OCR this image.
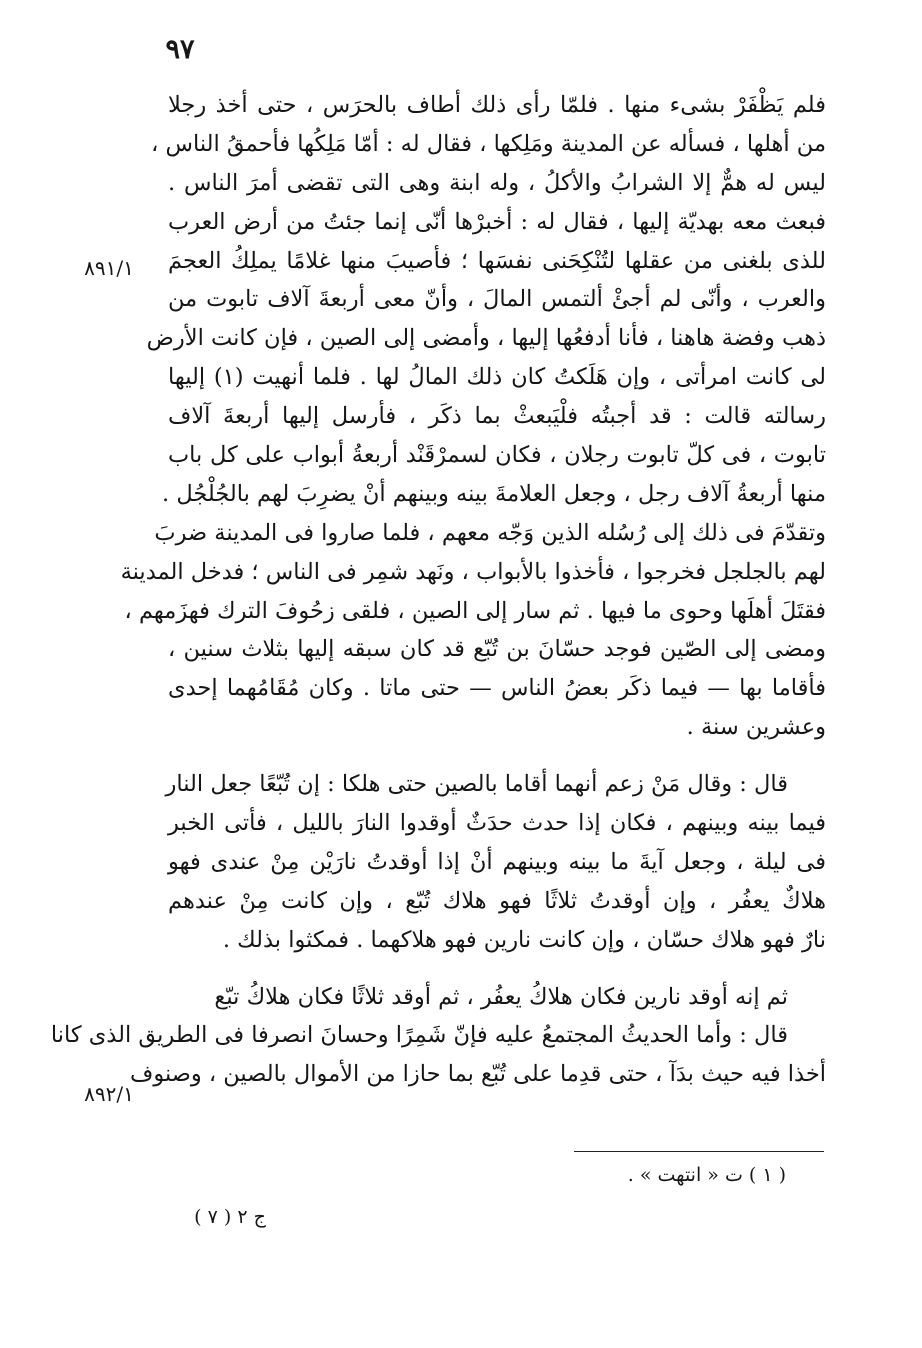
٩٧
فلم يَظْفَرْ بشىء منها . فلمّا رأى ذلك أطاف بالحرَس ، حتى أخذ رجلا
من أهلها ، فسأله عن المدينة ومَلِكها ، فقال له : أمّا مَلِكُها فأحمقُ الناس ،
ليس له همٌّ إلا الشرابُ والأكلُ ، وله ابنة وهى التى تقضى أمرَ الناس .
فبعث معه بهديّة إليها ، فقال له : أخبرْها أنّى إنما جئتُ من أرض العرب
للذى بلغنى من عقلها لتُنْكِحَنى نفسَها ؛ فأصيبَ منها غلامًا يملِكُ العجمَ
والعرب ، وأنّى لم أجئْ ألتمس المالَ ، وأنّ معى أربعةَ آلاف تابوت من
ذهب وفضة هاهنا ، فأنا أدفعُها إليها ، وأمضى إلى الصين ، فإن كانت الأرض
لى كانت امرأتى ، وإن هَلَكتُ كان ذلك المالُ لها . فلما أنهيت (١) إليها
رسالته قالت : قد أجبتُه فلْيَبعثْ بما ذكَر ، فأرسل إليها أربعةَ آلاف
تابوت ، فى كلّ تابوت رجلان ، فكان لسمرْقَنْد أربعةُ أبواب على كل باب
منها أربعةُ آلاف رجل ، وجعل العلامةَ بينه وبينهم أنْ يضرِبَ لهم بالجُلْجُل .
وتقدّمَ فى ذلك إلى رُسُله الذين وَجّه معهم ، فلما صاروا فى المدينة ضربَ
لهم بالجلجل فخرجوا ، فأخذوا بالأبواب ، ونَهد شمِر فى الناس ؛ فدخل المدينة
فقتَلَ أهلَها وحوى ما فيها . ثم سار إلى الصين ، فلقى زحُوفَ الترك فهزَمهم ،
ومضى إلى الصّين فوجد حسّانَ بن تُبّع قد كان سبقه إليها بثلاث سنين ،
فأقاما بها — فيما ذكَر بعضُ الناس — حتى ماتا . وكان مُقَامُهما إحدى
وعشرين سنة .
قال : وقال مَنْ زعم أنهما أقاما بالصين حتى هلكا : إن تُبّعًا جعل النار
فيما بينه وبينهم ، فكان إذا حدث حدَثٌ أوقدوا النارَ بالليل ، فأتى الخبر
فى ليلة ، وجعل آيةَ ما بينه وبينهم أنْ إذا أوقدتُ نارَيْن مِنْ عندى فهو
هلاكٌ يعفُر ، وإن أوقدتُ ثلاثًا فهو هلاك تُبّع ، وإن كانت مِنْ عندهم
نارٌ فهو هلاك حسّان ، وإن كانت نارين فهو هلاكهما . فمكثوا بذلك .
ثم إنه أوقد نارين فكان هلاكُ يعفُر ، ثم أوقد ثلاثًا فكان هلاكُ تبّع
قال : وأما الحديثُ المجتمعُ عليه فإنّ شَمِرًا وحسانَ انصرفا فى الطريق الذى كانا
أخذا فيه حيث بدَآ ، حتى قدِما على تُبّع بما حازا من الأموال بالصين ، وصنوف
٨٩١/١
٨٩٢/١
( ١ ) ت « انتهت » .
ج ٢ ( ٧ )
